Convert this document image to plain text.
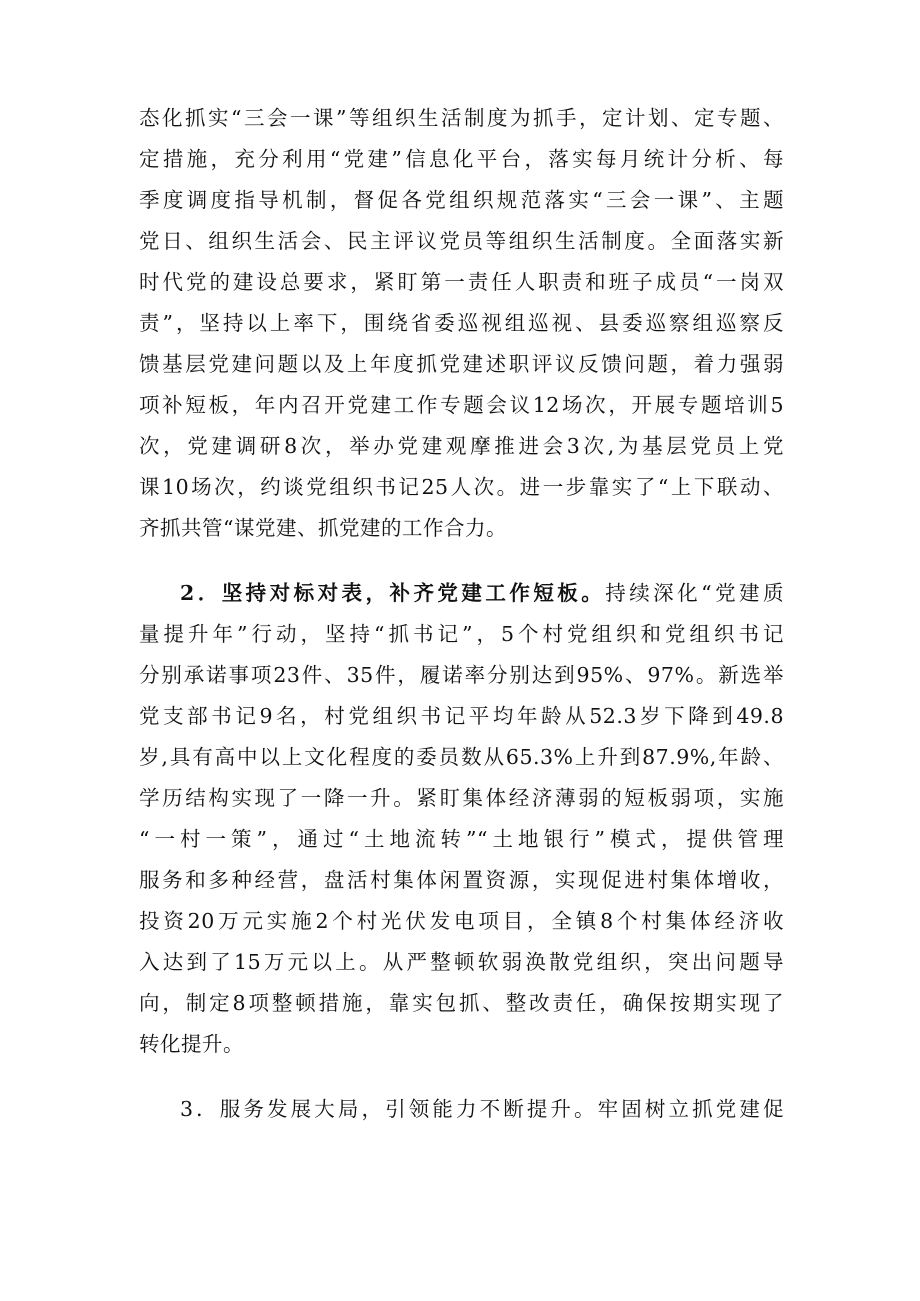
态化抓实“三会一课”等组织生活制度为抓手，定计划、定专题、
定措施，充分利用“党建”信息化平台，落实每月统计分析、每
季度调度指导机制，督促各党组织规范落实“三会一课”、主题
党日、组织生活会、民主评议党员等组织生活制度。全面落实新
时代党的建设总要求，紧盯第一责任人职责和班子成员“一岗双
责”，坚持以上率下，围绕省委巡视组巡视、县委巡察组巡察反
馈基层党建问题以及上年度抓党建述职评议反馈问题，着力强弱
项补短板，年内召开党建工作专题会议12场次，开展专题培训5
次，党建调研8次，举办党建观摩推进会3次,为基层党员上党
课10场次，约谈党组织书记25人次。进一步靠实了“上下联动、
齐抓共管“谋党建、抓党建的工作合力。
2．坚持对标对表，补齐党建工作短板。持续深化“党建质
量提升年”行动，坚持“抓书记”，5个村党组织和党组织书记
分别承诺事项23件、35件，履诺率分别达到95%、97%。新选举
党支部书记9名，村党组织书记平均年龄从52.3岁下降到49.8
岁,具有高中以上文化程度的委员数从65.3%上升到87.9%,年龄、
学历结构实现了一降一升。紧盯集体经济薄弱的短板弱项，实施
“一村一策”，通过“土地流转”“土地银行”模式，提供管理
服务和多种经营，盘活村集体闲置资源，实现促进村集体增收，
投资20万元实施2个村光伏发电项目，全镇8个村集体经济收
入达到了15万元以上。从严整顿软弱涣散党组织，突出问题导
向，制定8项整顿措施，靠实包抓、整改责任，确保按期实现了
转化提升。
3．服务发展大局，引领能力不断提升。牢固树立抓党建促
